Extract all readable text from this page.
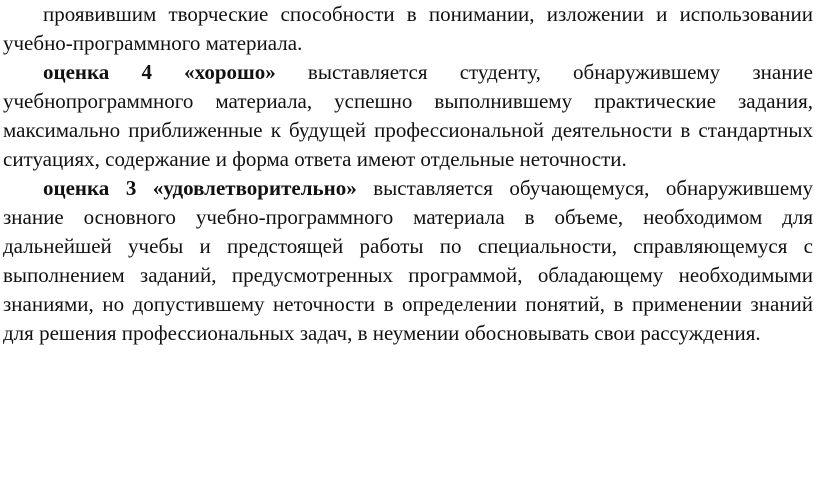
проявившим творческие способности в понимании, изложении и использовании учебно-программного материала.

оценка 4 «хорошо» выставляется студенту, обнаружившему знание учебнопрограммного материала, успешно выполнившему практические задания, максимально приближенные к будущей профессиональной деятельности в стандартных ситуациях, содержание и форма ответа имеют отдельные неточности.

оценка 3 «удовлетворительно» выставляется обучающемуся, обнаружившему знание основного учебно-программного материала в объеме, необходимом для дальнейшей учебы и предстоящей работы по специальности, справляющемуся с выполнением заданий, предусмотренных программой, обладающему необходимыми знаниями, но допустившему неточности в определении понятий, в применении знаний для решения профессиональных задач, в неумении обосновывать свои рассуждения.
